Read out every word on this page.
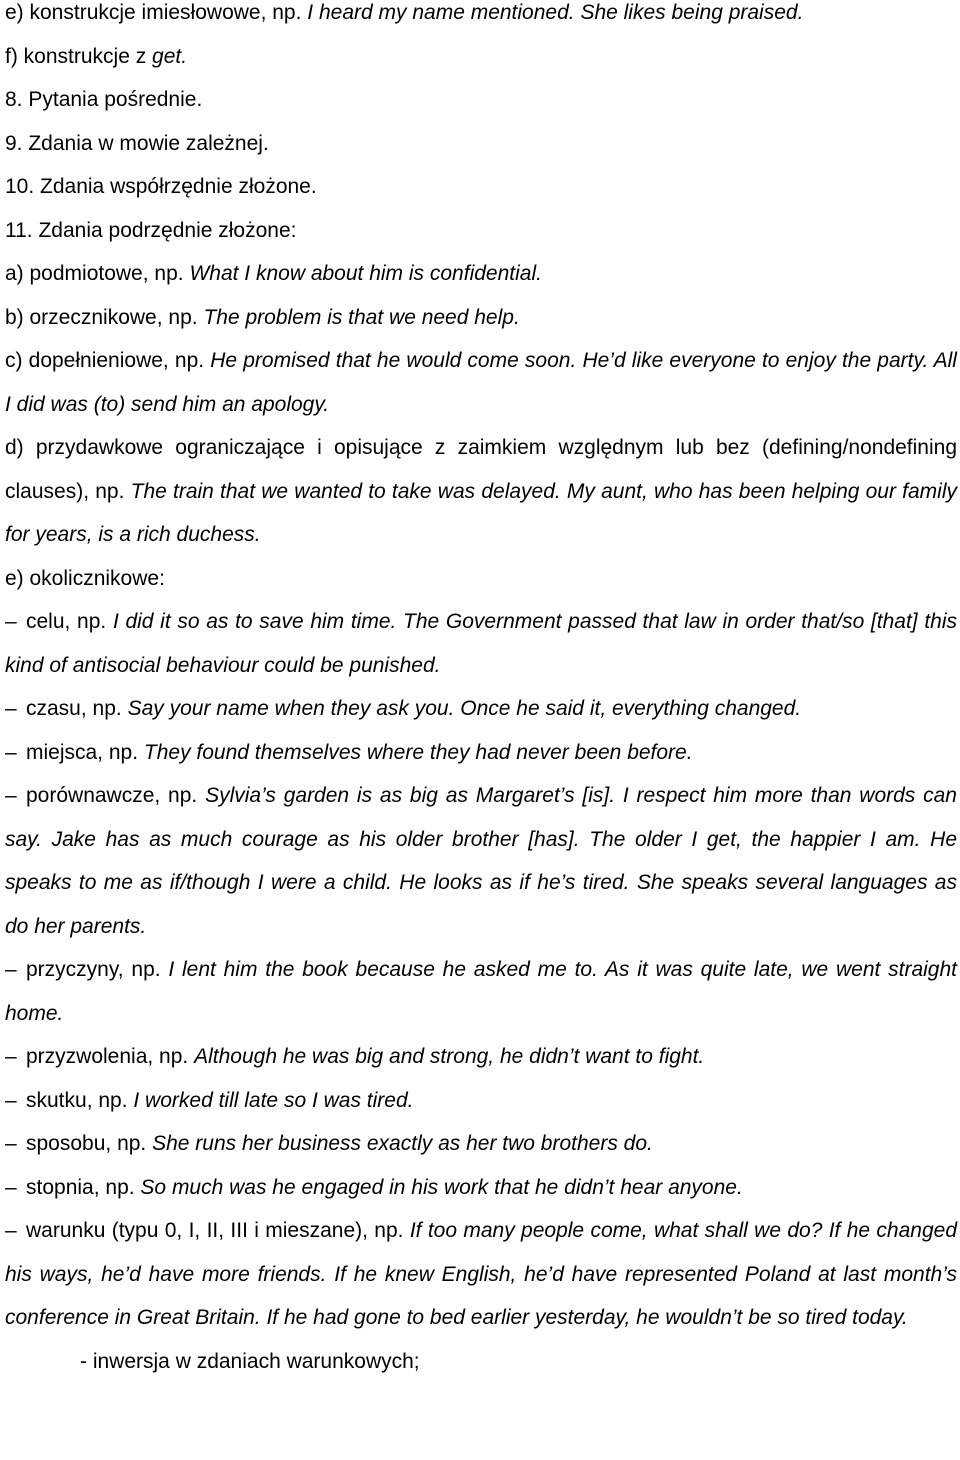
e) konstrukcje imiesłowowe, np. I heard my name mentioned. She likes being praised.

f) konstrukcje z get.

8. Pytania pośrednie.

9. Zdania w mowie zależnej.

10. Zdania współrzędnie złożone.

11. Zdania podrzędnie złożone:

a) podmiotowe, np. What I know about him is confidential.

b) orzecznikowe, np. The problem is that we need help.

c) dopełnieniowe, np. He promised that he would come soon. He’d like everyone to enjoy the party. All I did was (to) send him an apology.

d) przydawkowe ograniczające i opisujące z zaimkiem względnym lub bez (defining/nondefining clauses), np. The train that we wanted to take was delayed. My aunt, who has been helping our family for years, is a rich duchess.

e) okolicznikowe:

– celu, np. I did it so as to save him time. The Government passed that law in order that/so [that] this kind of antisocial behaviour could be punished.

– czasu, np. Say your name when they ask you. Once he said it, everything changed.

– miejsca, np. They found themselves where they had never been before.

– porównawcze, np. Sylvia’s garden is as big as Margaret’s [is]. I respect him more than words can say. Jake has as much courage as his older brother [has]. The older I get, the happier I am. He speaks to me as if/though I were a child. He looks as if he’s tired. She speaks several languages as do her parents.

– przyczyny, np. I lent him the book because he asked me to. As it was quite late, we went straight home.

– przyzwolenia, np. Although he was big and strong, he didn’t want to fight.

– skutku, np. I worked till late so I was tired.

– sposobu, np. She runs her business exactly as her two brothers do.

– stopnia, np. So much was he engaged in his work that he didn’t hear anyone.

– warunku (typu 0, I, II, III i mieszane), np. If too many people come, what shall we do? If he changed his ways, he’d have more friends. If he knew English, he’d have represented Poland at last month’s conference in Great Britain. If he had gone to bed earlier yesterday, he wouldn’t be so tired today.

- inwersja w zdaniach warunkowych;
